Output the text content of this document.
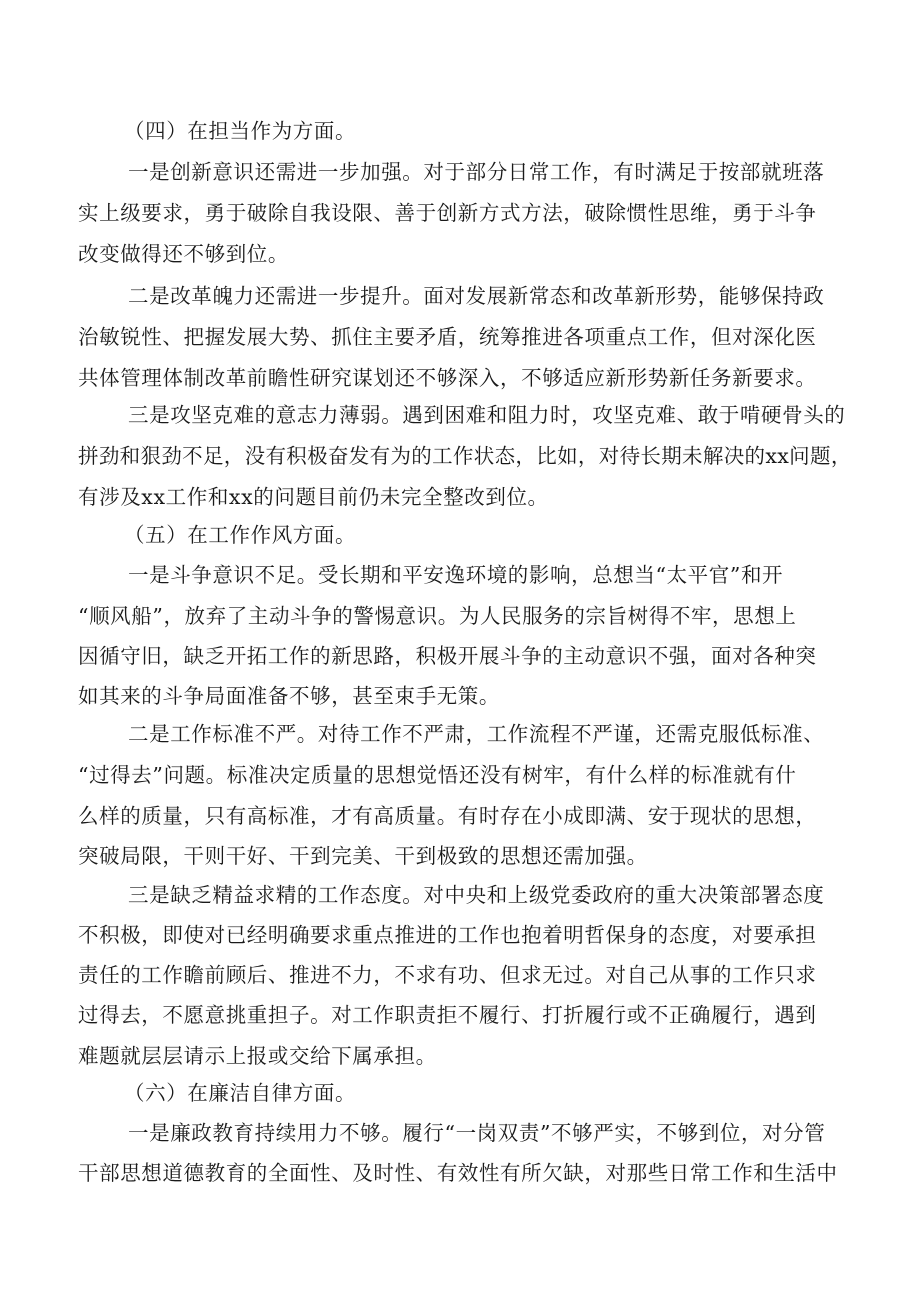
（四）在担当作为方面。
一是创新意识还需进一步加强。对于部分日常工作，有时满足于按部就班落
实上级要求，勇于破除自我设限、善于创新方式方法，破除惯性思维，勇于斗争
改变做得还不够到位。
二是改革魄力还需进一步提升。面对发展新常态和改革新形势，能够保持政
治敏锐性、把握发展大势、抓住主要矛盾，统筹推进各项重点工作，但对深化医
共体管理体制改革前瞻性研究谋划还不够深入，不够适应新形势新任务新要求。
三是攻坚克难的意志力薄弱。遇到困难和阻力时，攻坚克难、敢于啃硬骨头的
拼劲和狠劲不足，没有积极奋发有为的工作状态，比如，对待长期未解决的xx问题，
有涉及xx工作和xx的问题目前仍未完全整改到位。
（五）在工作作风方面。
一是斗争意识不足。受长期和平安逸环境的影响，总想当“太平官”和开
“顺风船”，放弃了主动斗争的警惕意识。为人民服务的宗旨树得不牢，思想上
因循守旧，缺乏开拓工作的新思路，积极开展斗争的主动意识不强，面对各种突
如其来的斗争局面准备不够，甚至束手无策。
二是工作标准不严。对待工作不严肃，工作流程不严谨，还需克服低标准、
“过得去”问题。标准决定质量的思想觉悟还没有树牢，有什么样的标准就有什
么样的质量，只有高标准，才有高质量。有时存在小成即满、安于现状的思想，
突破局限，干则干好、干到完美、干到极致的思想还需加强。
三是缺乏精益求精的工作态度。对中央和上级党委政府的重大决策部署态度
不积极，即使对已经明确要求重点推进的工作也抱着明哲保身的态度，对要承担
责任的工作瞻前顾后、推进不力，不求有功、但求无过。对自己从事的工作只求
过得去，不愿意挑重担子。对工作职责拒不履行、打折履行或不正确履行，遇到
难题就层层请示上报或交给下属承担。
（六）在廉洁自律方面。
一是廉政教育持续用力不够。履行“一岗双责”不够严实，不够到位，对分管
干部思想道德教育的全面性、及时性、有效性有所欠缺，对那些日常工作和生活中
